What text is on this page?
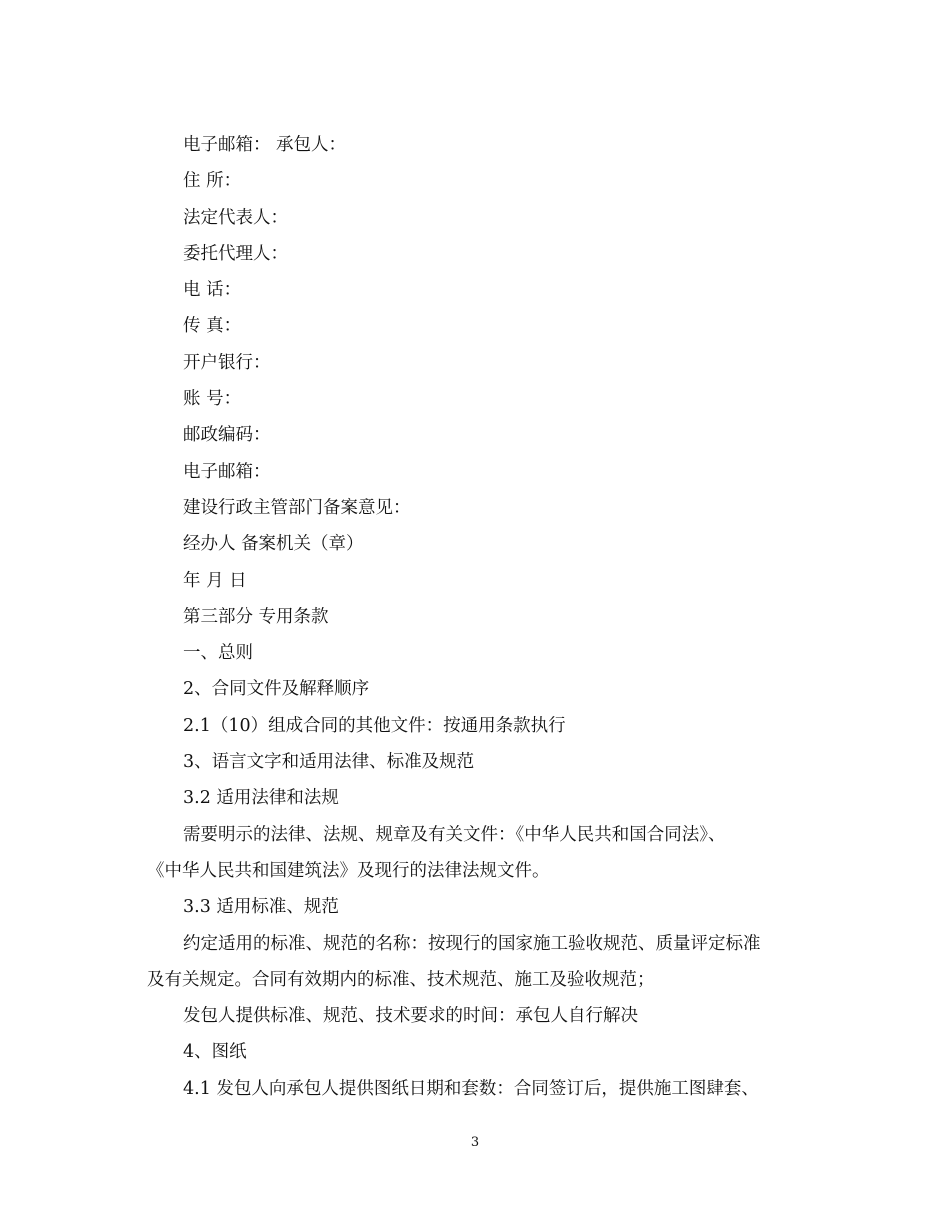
电子邮箱： 承包人：
住 所：
法定代表人：
委托代理人：
电 话：
传 真：
开户银行：
账 号：
邮政编码：
电子邮箱：
建设行政主管部门备案意见：
经办人 备案机关（章）
年 月 日
第三部分 专用条款
一、总则
2、合同文件及解释顺序
2.1（10）组成合同的其他文件：按通用条款执行
3、语言文字和适用法律、标准及规范
3.2 适用法律和法规
需要明示的法律、法规、规章及有关文件：《中华人民共和国合同法》、
《中华人民共和国建筑法》及现行的法律法规文件。
3.3 适用标准、规范
约定适用的标准、规范的名称：按现行的国家施工验收规范、质量评定标准
及有关规定。合同有效期内的标准、技术规范、施工及验收规范；
发包人提供标准、规范、技术要求的时间：承包人自行解决
4、图纸
4.1 发包人向承包人提供图纸日期和套数：合同签订后，提供施工图肆套、
3
